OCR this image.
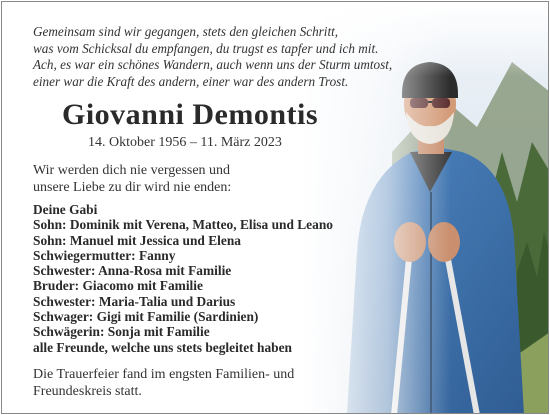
Gemeinsam sind wir gegangen, stets den gleichen Schritt,
was vom Schicksal du empfangen, du trugst es tapfer und ich mit.
Ach, es war ein schönes Wandern, auch wenn uns der Sturm umtost,
einer war die Kraft des andern, einer war des andern Trost.
Giovanni Demontis
14. Oktober 1956 – 11. März 2023
Wir werden dich nie vergessen und
unsere Liebe zu dir wird nie enden:
Deine Gabi
Sohn: Dominik mit Verena, Matteo, Elisa und Leano
Sohn: Manuel mit Jessica und Elena
Schwiegermutter: Fanny
Schwester: Anna-Rosa mit Familie
Bruder: Giacomo mit Familie
Schwester: Maria-Talia und Darius
Schwager: Gigi mit Familie (Sardinien)
Schwägerin: Sonja mit Familie
alle Freunde, welche uns stets begleitet haben
Die Trauerfeier fand im engsten Familien- und
Freundeskreis statt.
